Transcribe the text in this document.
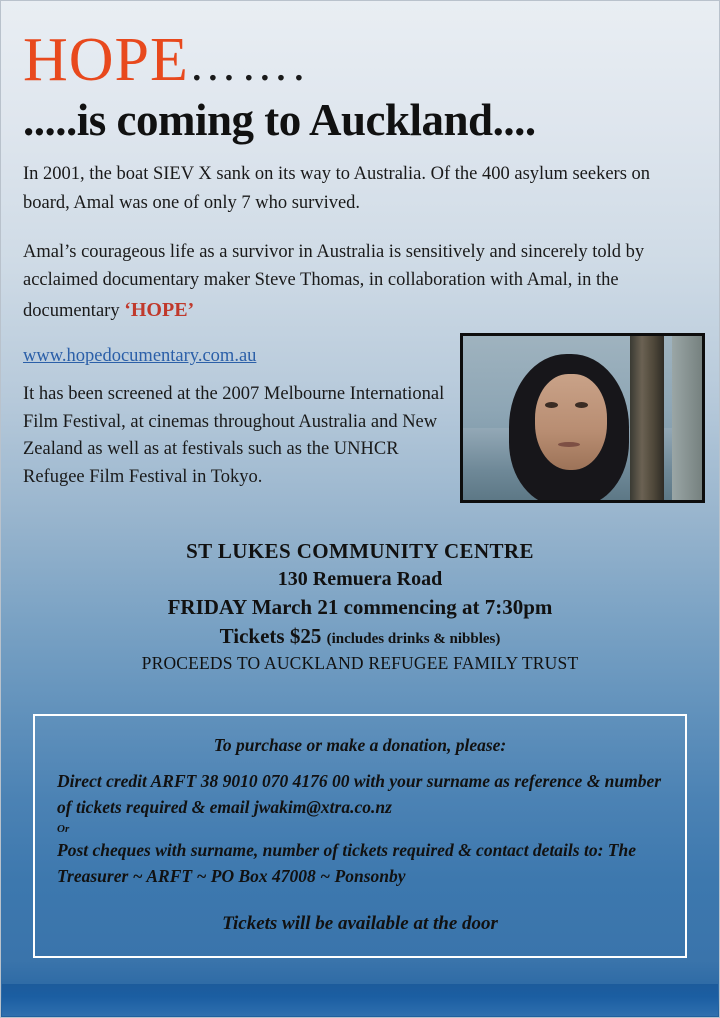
HOPE…….
.....is coming to Auckland....
In 2001, the boat SIEV X sank on its way to Australia. Of the 400 asylum seekers on board, Amal was one of only 7 who survived.
Amal’s courageous life as a survivor in Australia is sensitively and sincerely told by acclaimed documentary maker Steve Thomas, in collaboration with Amal, in the documentary ‘HOPE’
www.hopedocumentary.com.au
It has been screened at the 2007 Melbourne International Film Festival, at cinemas throughout Australia and New Zealand as well as at festivals such as the UNHCR Refugee Film Festival in Tokyo.
ST LUKES COMMUNITY CENTRE
130 Remuera Road
FRIDAY March 21 commencing at 7:30pm
Tickets $25 (includes drinks & nibbles)
PROCEEDS TO AUCKLAND REFUGEE FAMILY TRUST
To purchase or make a donation, please:
Direct credit ARFT 38 9010 070 4176 00 with your surname as reference & number of tickets required & email jwakim@xtra.co.nz
Or
Post cheques with surname, number of tickets required & contact details to: The Treasurer ~ ARFT ~ PO Box 47008 ~ Ponsonby
Tickets will be available at the door
